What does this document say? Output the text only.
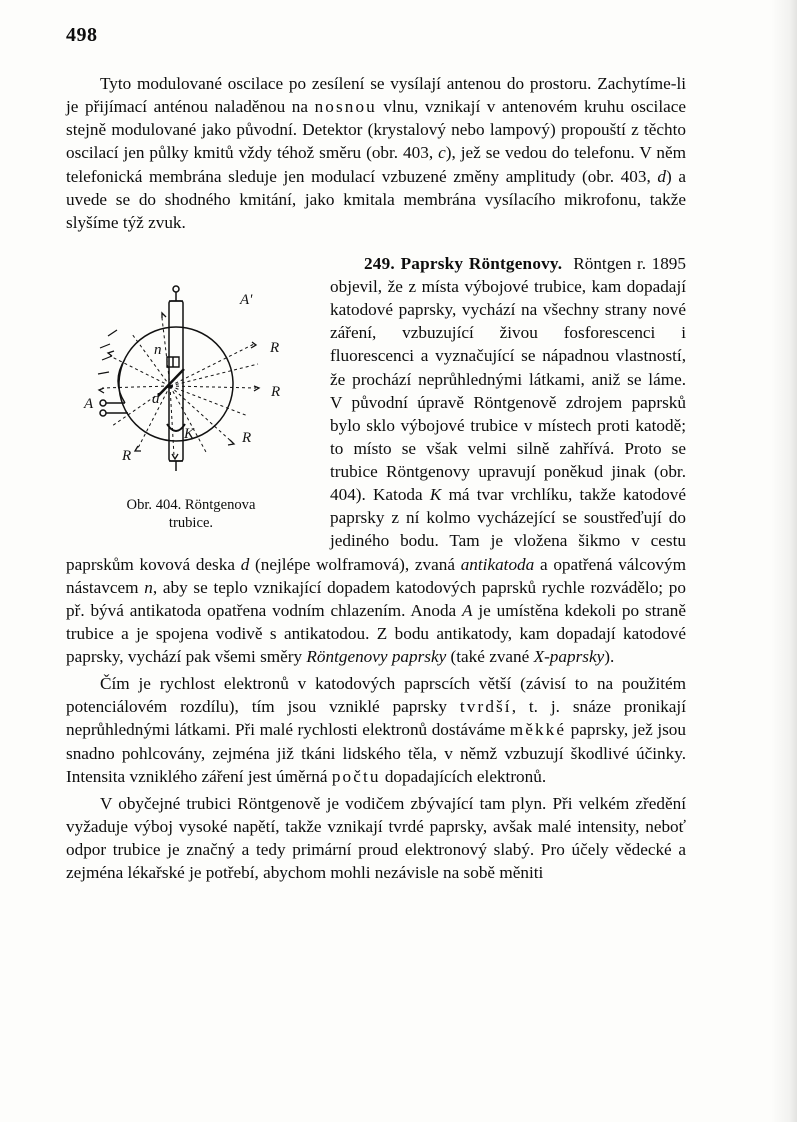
498

Tyto modulované oscilace po zesílení se vysílají antenou do prostoru. Zachytíme-li je přijímací anténou naladěnou na nosnou vlnu, vznikají v antenovém kruhu oscilace stejně modulované jako původní. Detektor (krystalový nebo lampový) propouští z těchto oscilací jen půlky kmitů vždy téhož směru (obr. 403, c), jež se vedou do telefonu. V něm telefonická membrána sleduje jen modulací vzbuzené změny amplitudy (obr. 403, d) a uvede se do shodného kmitání, jako kmitala membrána vysílacího mikrofonu, takže slyšíme týž zvuk.

A'
n
d
K
A
R
R
R
R
Obr. 404. Röntgenova
trubice.

249. Paprsky Röntgenovy. Röntgen r. 1895 objevil, že z místa výbojové trubice, kam dopadají katodové paprsky, vychází na všechny strany nové záření, vzbuzující živou fosforescenci i fluorescenci a vyznačující se nápadnou vlastností, že prochází neprůhlednými látkami, aniž se láme. V původní úpravě Röntgenově zdrojem paprsků bylo sklo výbojové trubice v místech proti katodě; to místo se však velmi silně zahřívá. Proto se trubice Röntgenovy upravují poněkud jinak (obr. 404). Katoda K má tvar vrchlíku, takže katodové paprsky z ní kolmo vycházející se soustřeďují do jediného bodu. Tam je vložena šikmo v cestu paprskům kovová deska d (nejlépe wolframová), zvaná antikatoda a opatřená válcovým nástavcem n, aby se teplo vznikající dopadem katodových paprsků rychle rozvádělo; po př. bývá antikatoda opatřena vodním chlazením. Anoda A je umístěna kdekoli po straně trubice a je spojena vodivě s antikatodou. Z bodu antikatody, kam dopadají katodové paprsky, vychází pak všemi směry Röntgenovy paprsky (také zvané X-paprsky).

Čím je rychlost elektronů v katodových paprscích větší (závisí to na použitém potenciálovém rozdílu), tím jsou vzniklé paprsky tvrdší, t. j. snáze pronikají neprůhlednými látkami. Při malé rychlosti elektronů dostáváme měkké paprsky, jež jsou snadno pohlcovány, zejména již tkáni lidského těla, v němž vzbuzují škodlivé účinky. Intensita vzniklého záření jest úměrná počtu dopadajících elektronů.

V obyčejné trubici Röntgenově je vodičem zbývající tam plyn. Při velkém zředění vyžaduje výboj vysoké napětí, takže vznikají tvrdé paprsky, avšak malé intensity, neboť odpor trubice je značný a tedy primární proud elektronový slabý. Pro účely vědecké a zejména lékařské je potřebí, abychom mohli nezávisle na sobě měniti
